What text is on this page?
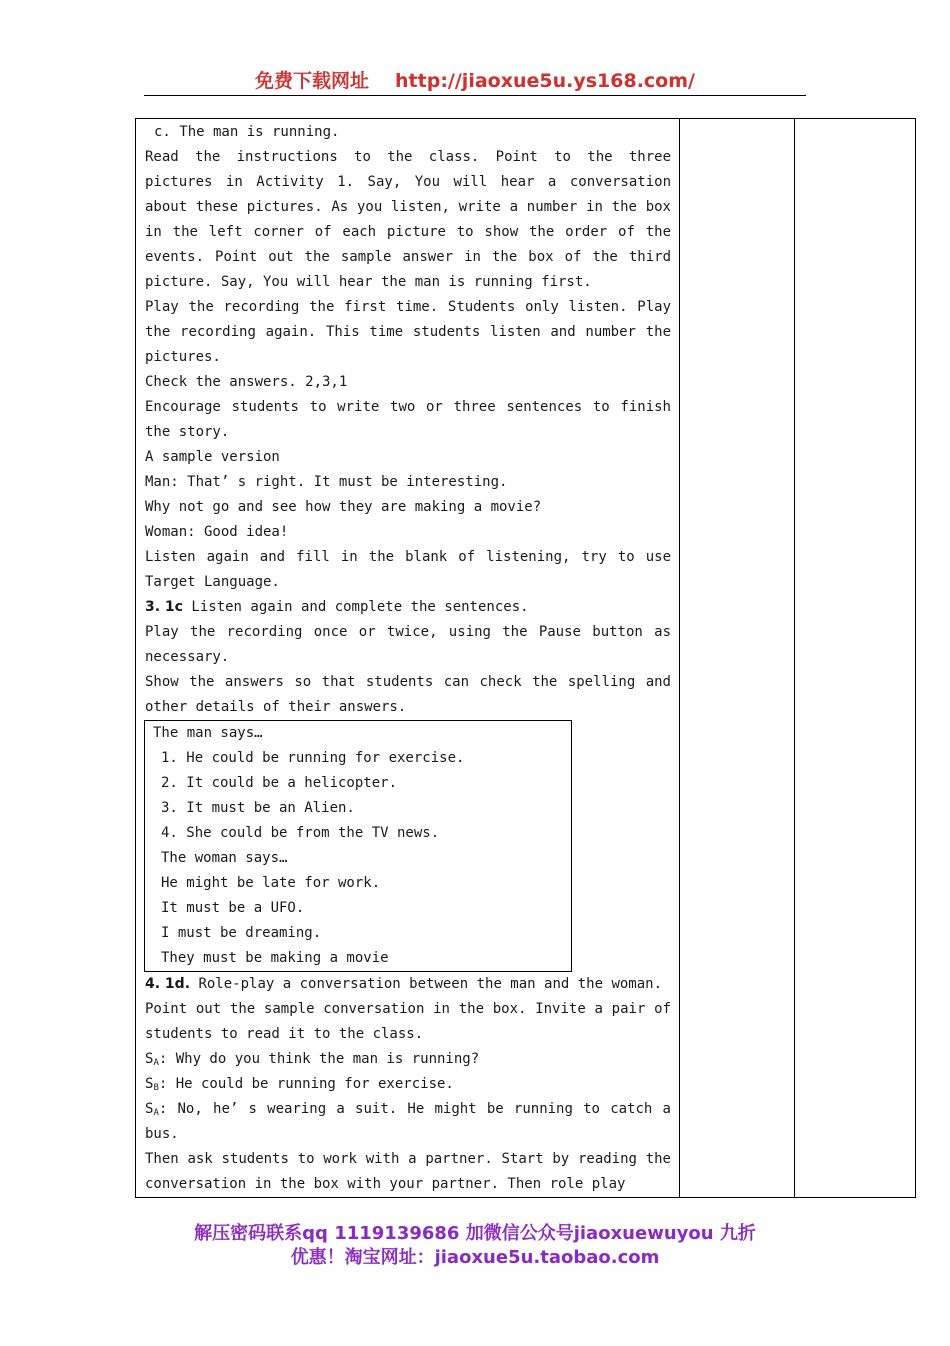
免费下载网址 http://jiaoxue5u.ys168.com/

c. The man is running.

Read the instructions to the class. Point to the three pictures in Activity 1. Say, You will hear a conversation about these pictures. As you listen, write a number in the box in the left corner of each picture to show the order of the events. Point out the sample answer in the box of the third picture. Say, You will hear the man is running first.

Play the recording the first time. Students only listen. Play the recording again. This time students listen and number the pictures.

Check the answers. 2,3,1

Encourage students to write two or three sentences to finish the story.

A sample version

Man: That’ s right. It must be interesting.

Why not go and see how they are making a movie?

Woman: Good idea!

Listen again and fill in the blank of listening, try to use Target Language.

3. 1c Listen again and complete the sentences.

Play the recording once or twice, using the Pause button as necessary.

Show the answers so that students can check the spelling and other details of their answers.

The man says…

1. He could be running for exercise.

2. It could be a helicopter.

3. It must be an Alien.

4. She could be from the TV news.

The woman says…

He might be late for work.

It must be a UFO.

I must be dreaming.

They must be making a movie

4. 1d. Role-play a conversation between the man and the woman.

Point out the sample conversation in the box. Invite a pair of students to read it to the class.

$S_A$: Why do you think the man is running?

$S_B$: He could be running for exercise.

$S_A$: No, he’ s wearing a suit. He might be running to catch a bus.

Then ask students to work with a partner. Start by reading the conversation in the box with your partner. Then role play

解压密码联系qq 1119139686 加微信公众号jiaoxuewuyou 九折
优惠！淘宝网址：jiaoxue5u.taobao.com
